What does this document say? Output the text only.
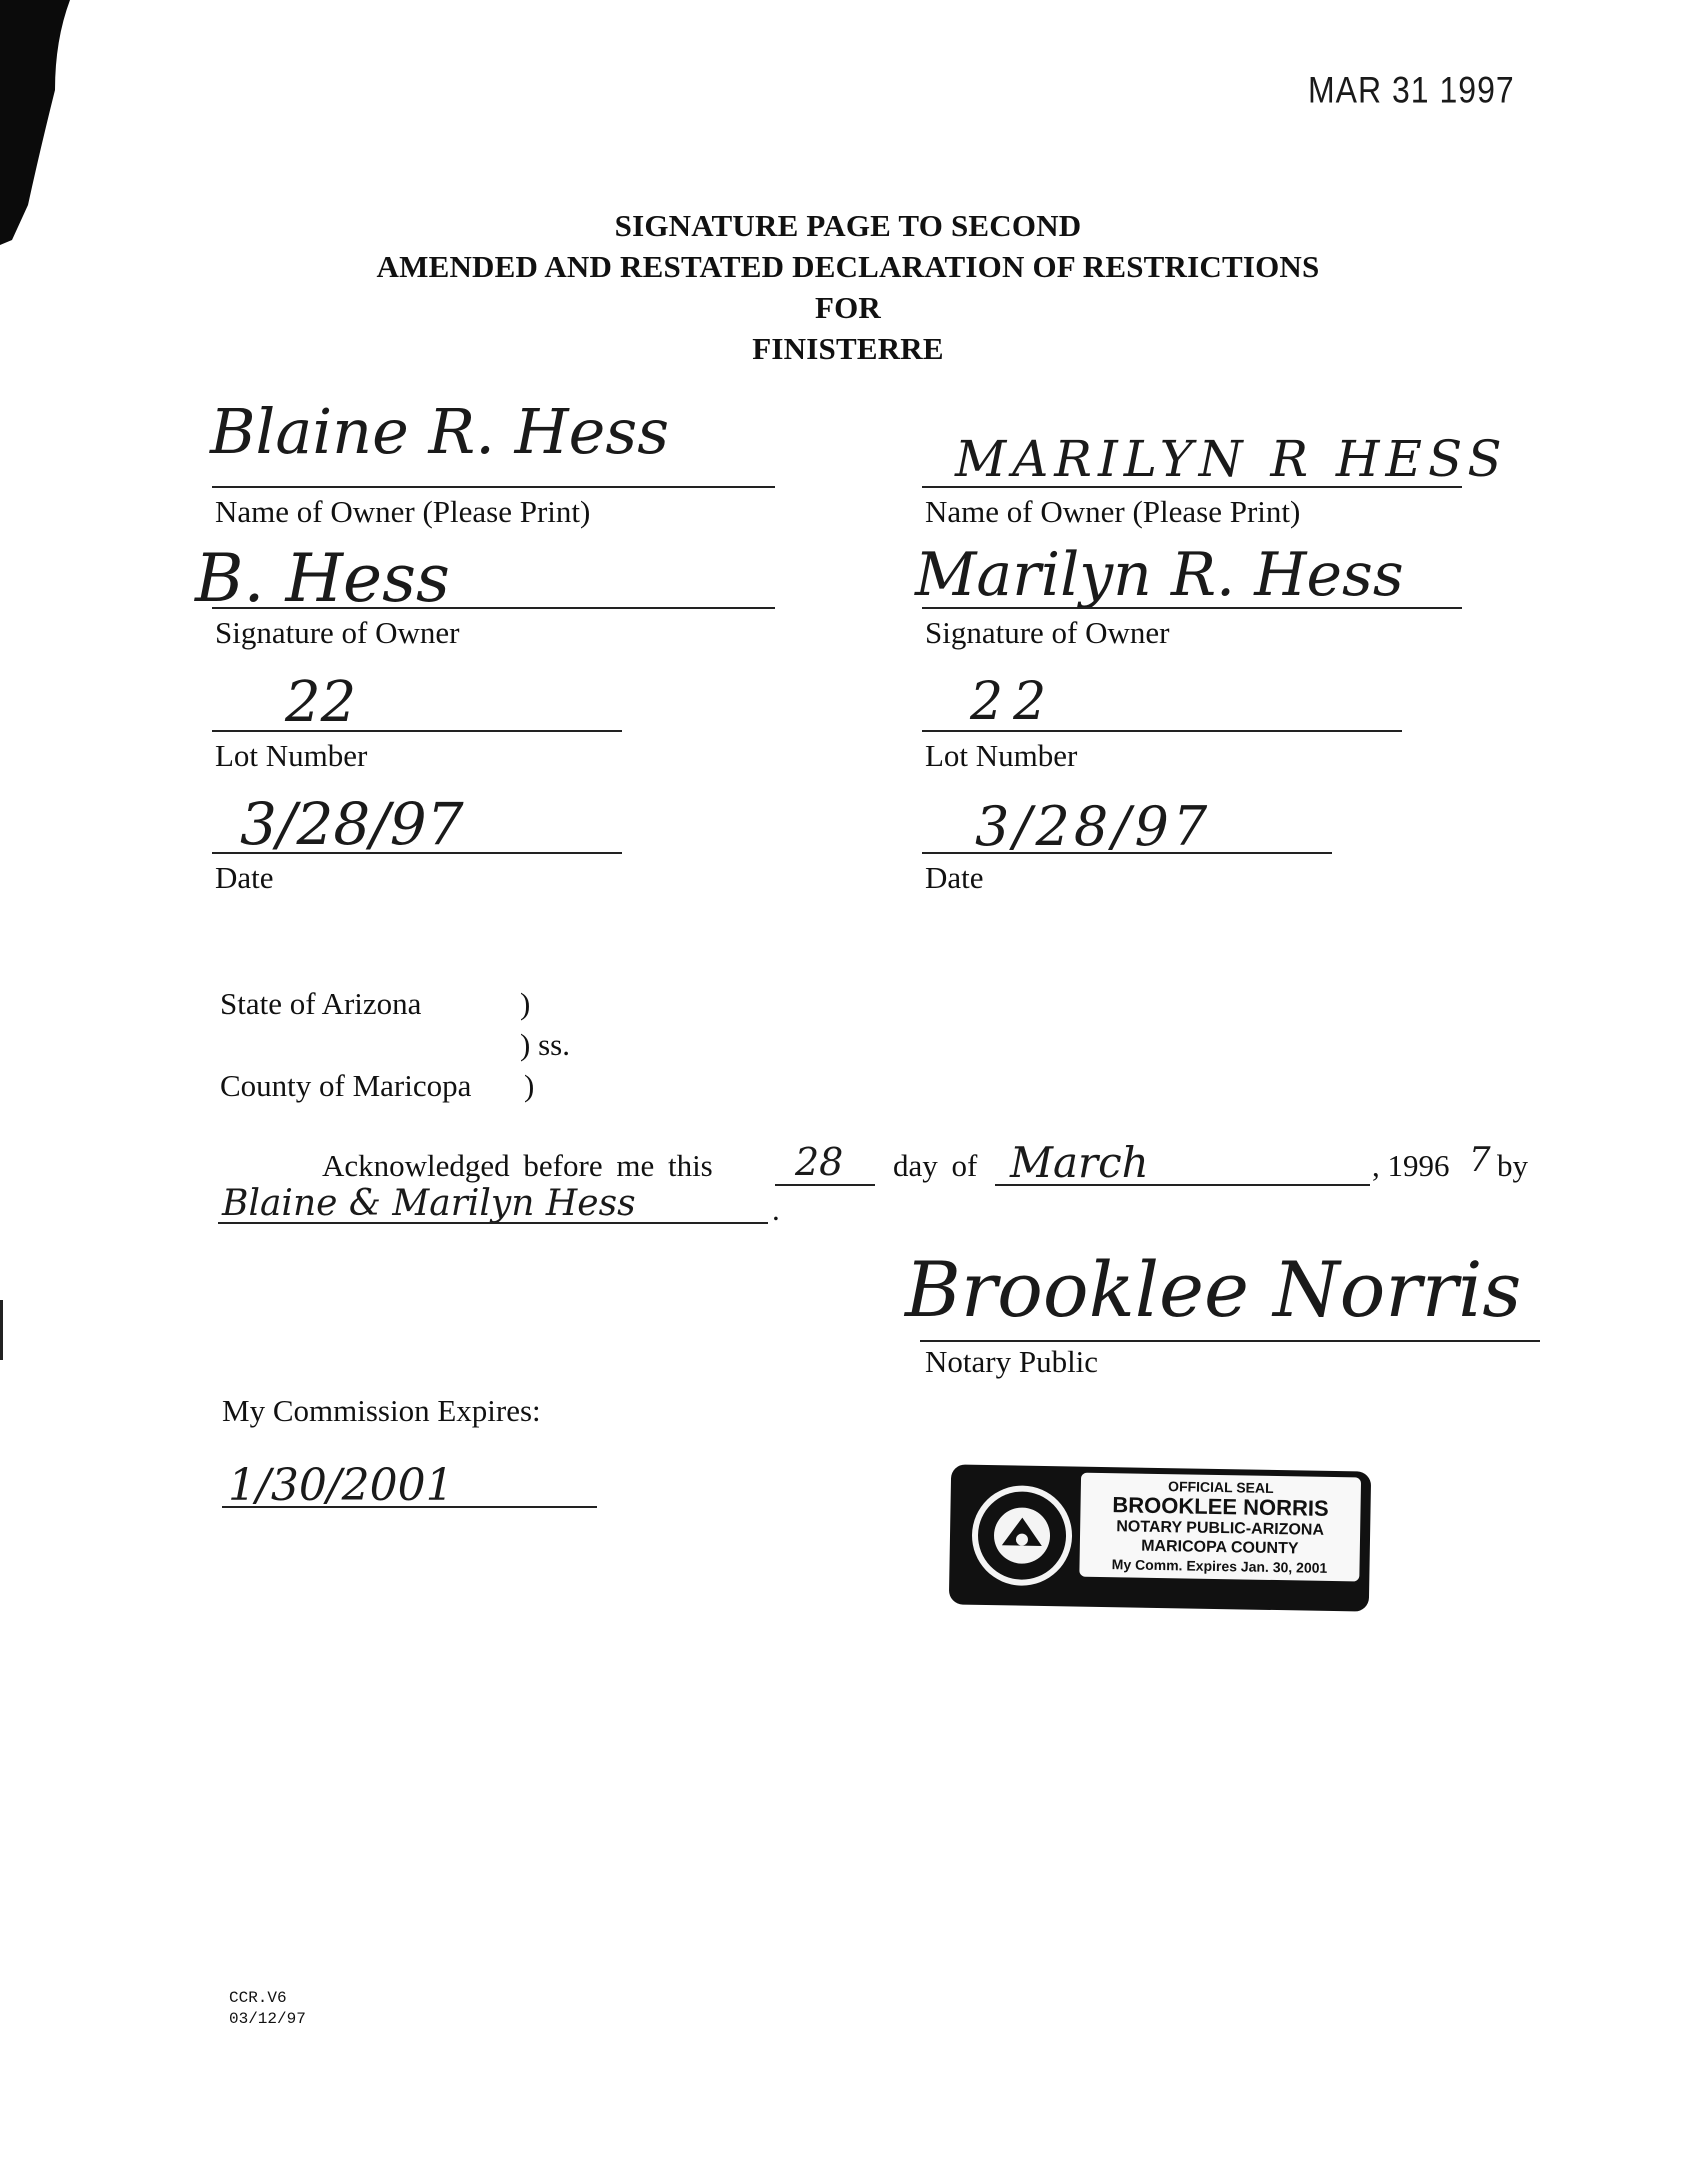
MAR 31 1997
SIGNATURE PAGE TO SECOND
AMENDED AND RESTATED DECLARATION OF RESTRICTIONS
FOR
FINISTERRE
Blaine R. Hess
Name of Owner (Please Print)
B. Hess
Signature of Owner
22
Lot Number
3/28/97
Date
MARILYN R HESS
Name of Owner (Please Print)
Marilyn R. Hess
Signature of Owner
22
Lot Number
3/28/97
Date
State of Arizona	)
) ss.
County of Maricopa )
Acknowledged before me this 28 day of March	, 1996 7 by
Blaine & Marilyn Hess	.
Brooklee Norris
Notary Public
My Commission Expires:
1/30/2001	OFFICIAL SEAL
BROOKLEE NORRIS
NOTARY PUBLIC-ARIZONA
MARICOPA COUNTY
My Comm. Expires Jan. 30, 2001
CCR.V6
03/12/97
